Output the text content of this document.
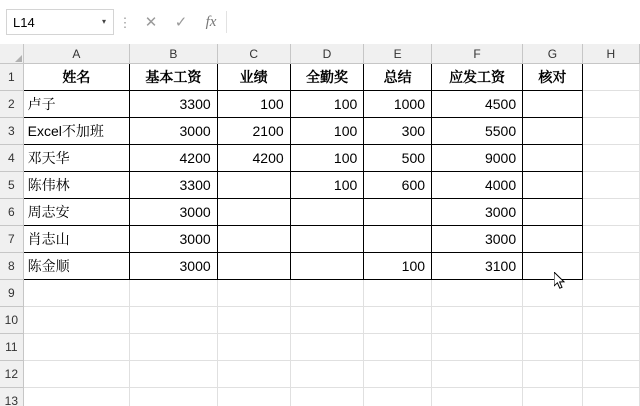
L14	▾ ⋮ ✕	✓	fx
	A	B	C	D	E	F	G	H
1	姓名	基本工资	业绩	全勤奖	总结	应发工资	核对	
2	卢子	3300	100	100	1000	4500		
3	Excel不加班	3000	2100	100	300	5500		
4	邓天华	4200	4200	100	500	9000		
5	陈伟林	3300		100	600	4000		
6	周志安	3000				3000		
7	肖志山	3000				3000		
8	陈金顺	3000			100	3100		
9								
10								
11								
12								
13								
